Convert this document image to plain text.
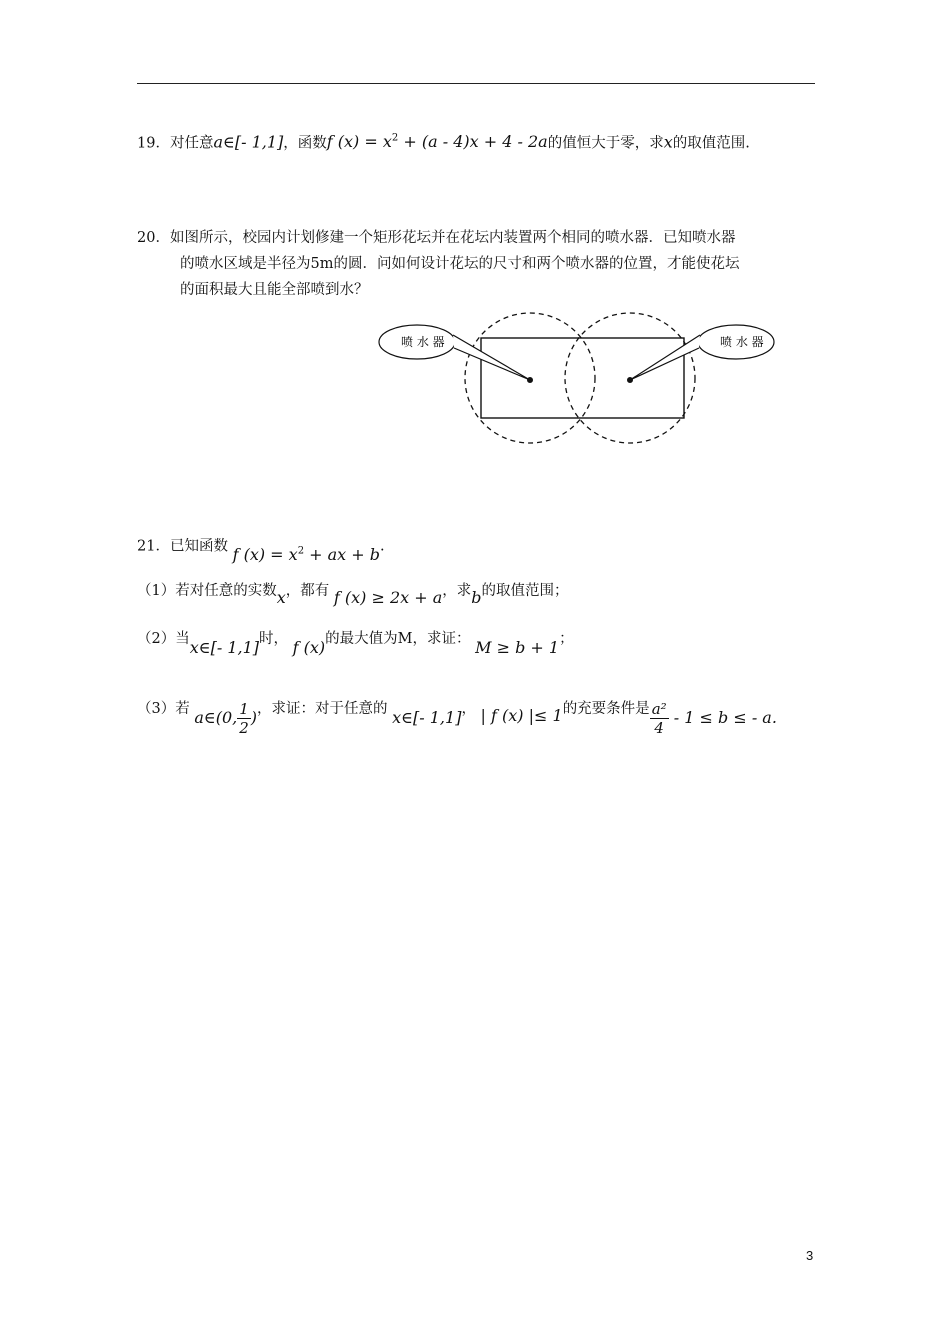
19．对任意a∈[- 1,1]，函数f $(x) = x^2 + (a - 4)x + 4 - 2a$的值恒大于零，求x的取值范围.
20．如图所示，校园内计划修建一个矩形花坛并在花坛内装置两个相同的喷水器．已知喷水器
的喷水区域是半径为5m的圆．问如何设计花坛的尺寸和两个喷水器的位置，才能使花坛
的面积最大且能全部喷到水？
喷 水 器	喷 水 器
21．已知函数 f $(x) = x^2$ + ax + b.
（1）若对任意的实数x，都有 f (x) ≥ 2x + a，求b的取值范围；
（2）当x∈[- 1,1]时， f (x)的最大值为M，求证： M ≥ b + 1；
（3）若 a∈(0, $\frac{1}{2}$ )，求证：对于任意的 x∈[- 1,1]， | f (x) |≤ 1的充要条件是 $\frac{\text{a²}}{4} - 1 \le b$ ≤ - a.
3
